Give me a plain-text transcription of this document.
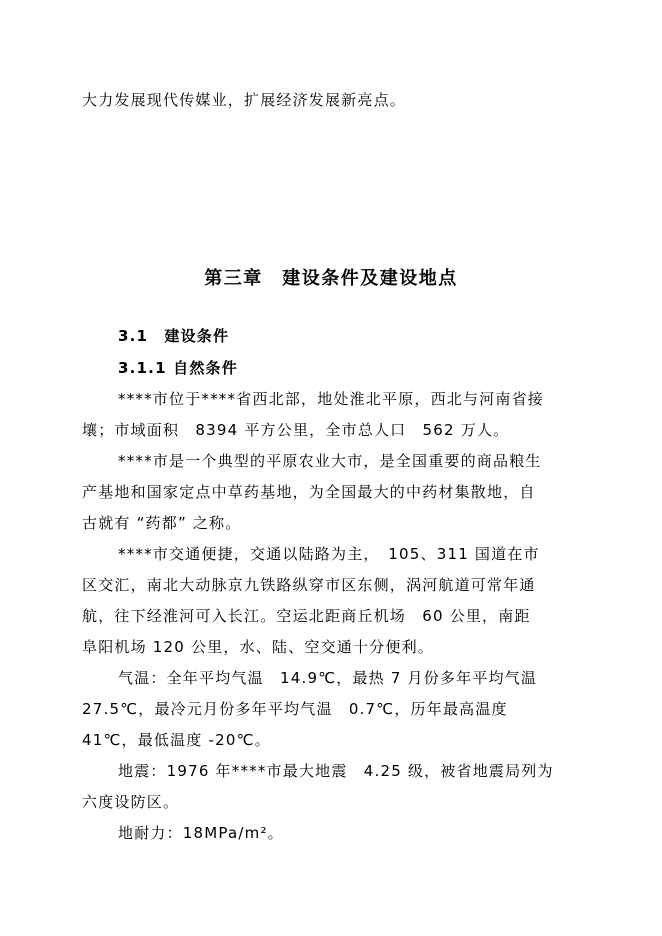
大力发展现代传媒业，扩展经济发展新亮点。
第三章　建设条件及建设地点
3.1　建设条件
3.1.1 自然条件
****市位于****省西北部，地处淮北平原，西北与河南省接
壤；市域面积　8394 平方公里，全市总人口　562 万人。
****市是一个典型的平原农业大市，是全国重要的商品粮生
产基地和国家定点中草药基地，为全国最大的中药材集散地，自
古就有 “药都” 之称。
****市交通便捷，交通以陆路为主，　105、311 国道在市
区交汇，南北大动脉京九铁路纵穿市区东侧，涡河航道可常年通
航，往下经淮河可入长江。空运北距商丘机场　60 公里，南距
阜阳机场 120 公里，水、陆、空交通十分便利。
气温：全年平均气温　14.9℃，最热 7 月份多年平均气温
27.5℃，最冷元月份多年平均气温　0.7℃，历年最高温度
41℃，最低温度 -20℃。
地震：1976 年****市最大地震　4.25 级，被省地震局列为
六度设防区。
地耐力：18MPa/m²。
